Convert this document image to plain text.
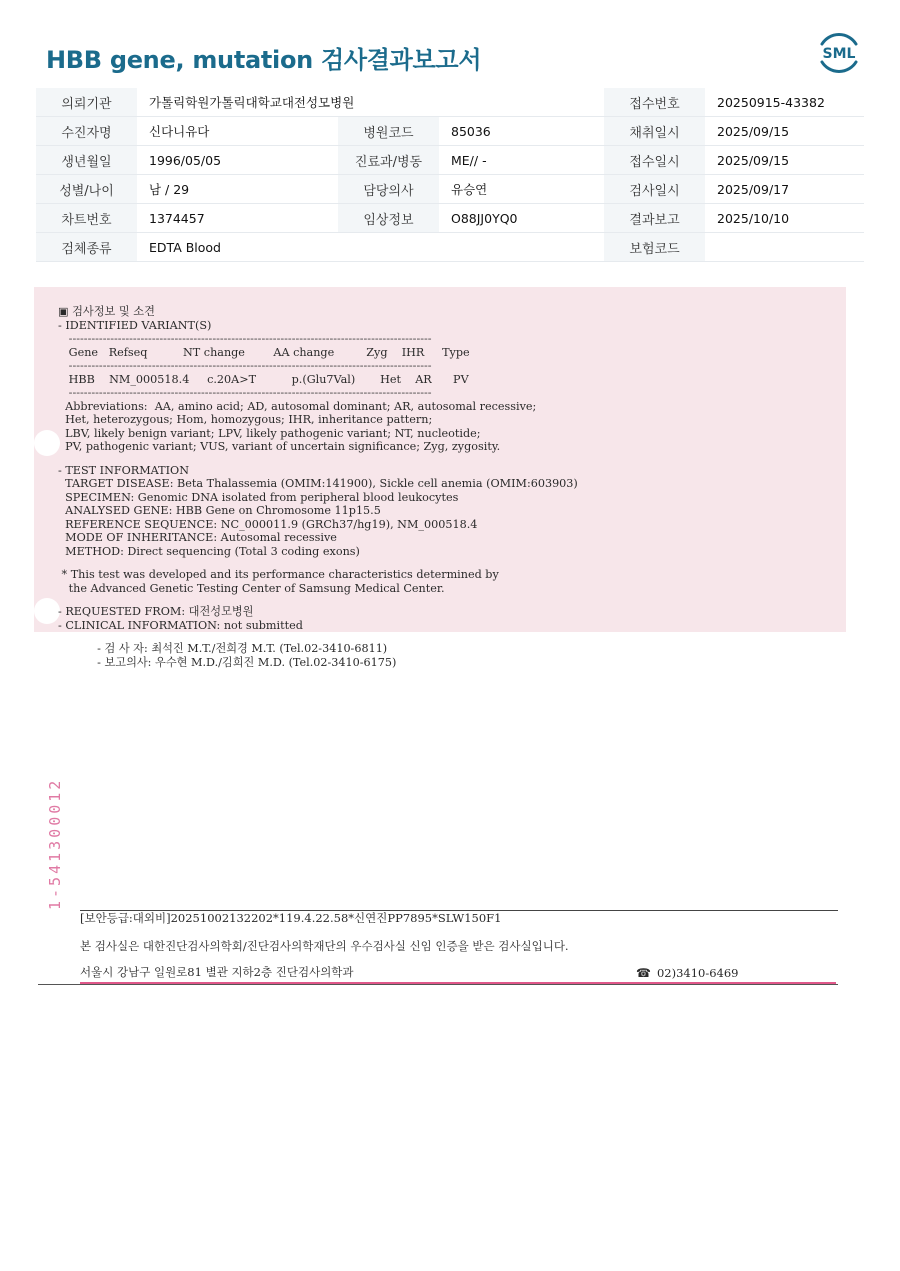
HBB gene, mutation 검사결과보고서	SML
의뢰기관	가톨릭학원가톨릭대학교대전성모병원			접수번호	20250915-43382
수진자명	신다니유다	병원코드	85036	채취일시	2025/09/15
생년월일	1996/05/05	진료과/병동	ME// -	접수일시	2025/09/15
성별/나이	남 / 29	담당의사	유승연	검사일시	2025/09/17
차트번호	1374457	임상정보	O88JJ0YQ0	결과보고	2025/10/10
검체종류	EDTA Blood			보험코드	
▣ 검사정보 및 소견
- IDENTIFIED VARIANT(S)
------------------------------------------------------------------------------------------------
Gene   Refseq          NT change        AA change         Zyg    IHR     Type
------------------------------------------------------------------------------------------------
HBB    NM_000518.4     c.20A>T          p.(Glu7Val)       Het    AR      PV
------------------------------------------------------------------------------------------------
Abbreviations:  AA, amino acid; AD, autosomal dominant; AR, autosomal recessive;
Het, heterozygous; Hom, homozygous; IHR, inheritance pattern;
LBV, likely benign variant; LPV, likely pathogenic variant; NT, nucleotide;
PV, pathogenic variant; VUS, variant of uncertain significance; Zyg, zygosity.
- TEST INFORMATION
TARGET DISEASE: Beta Thalassemia (OMIM:141900), Sickle cell anemia (OMIM:603903)
SPECIMEN: Genomic DNA isolated from peripheral blood leukocytes
ANALYSED GENE: HBB Gene on Chromosome 11p15.5
REFERENCE SEQUENCE: NC_000011.9 (GRCh37/hg19), NM_000518.4
MODE OF INHERITANCE: Autosomal recessive
METHOD: Direct sequencing (Total 3 coding exons)
* This test was developed and its performance characteristics determined by
the Advanced Genetic Testing Center of Samsung Medical Center.
- REQUESTED FROM: 대전성모병원
- CLINICAL INFORMATION: not submitted
- 검 사 자: 최석진 M.T./전희경 M.T. (Tel.02-3410-6811)
- 보고의사: 우수현 M.D./김희진 M.D. (Tel.02-3410-6175)
1-541300012
[보안등급:대외비]20251002132202*119.4.22.58*신연진PP7895*SLW150F1
본 검사실은 대한진단검사의학회/진단검사의학재단의 우수검사실 신임 인증을 받은 검사실입니다.
서울시 강남구 일원로81 별관 지하2층 진단검사의학과	☎ 02)3410-6469
